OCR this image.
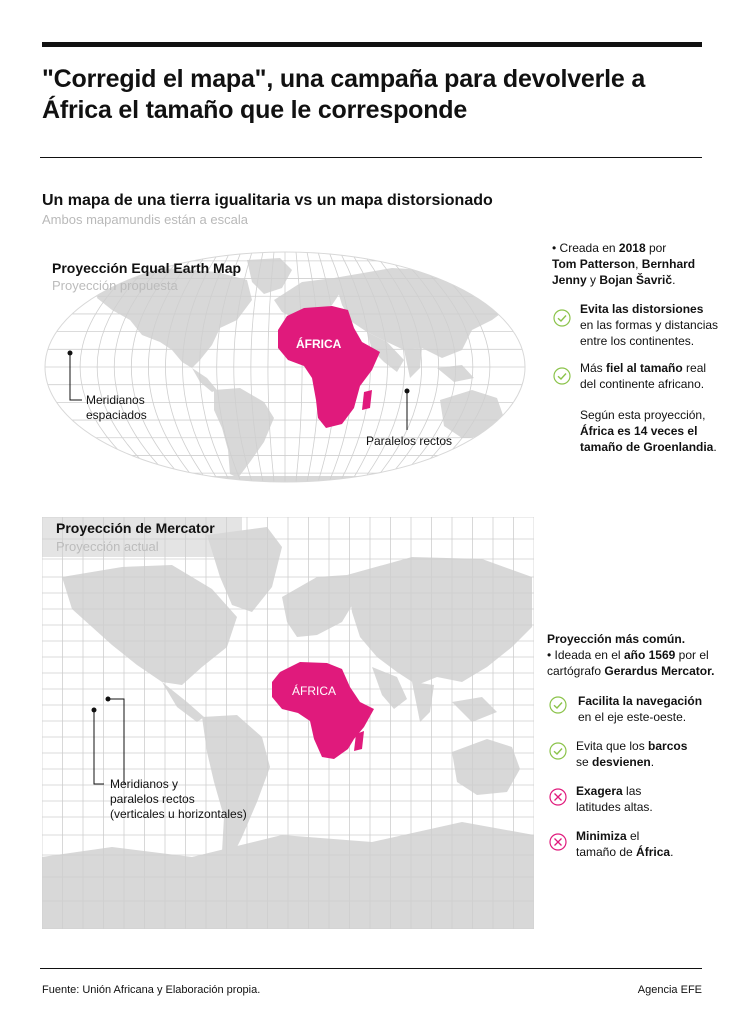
"Corregid el mapa", una campaña para devolverle a África el tamaño que le corresponde
Un mapa de una tierra igualitaria vs un mapa distorsionado
Ambos mapamundis están a escala
Proyección Equal Earth Map
Proyección propuesta
ÁFRICA
Meridianos
espaciados
Paralelos rectos
• Creada en 2018 por
Tom Patterson, Bernhard
Jenny y Bojan Šavrič.
Evita las distorsiones
en las formas y distancias
entre los continentes.
Más fiel al tamaño real
del continente africano.
Según esta proyección,
África es 14 veces el
tamaño de Groenlandia.
Proyección de Mercator
Proyección actual
ÁFRICA
Meridianos y
paralelos rectos
(verticales u horizontales)
Proyección más común.
• Ideada en el año 1569 por el
cartógrafo Gerardus Mercator.
Facilita la navegación
en el eje este-oeste.
Evita que los barcos
se desvienen.
Exagera las
latitudes altas.
Minimiza el
tamaño de África.
Fuente: Unión Africana y Elaboración propia.	Agencia EFE
